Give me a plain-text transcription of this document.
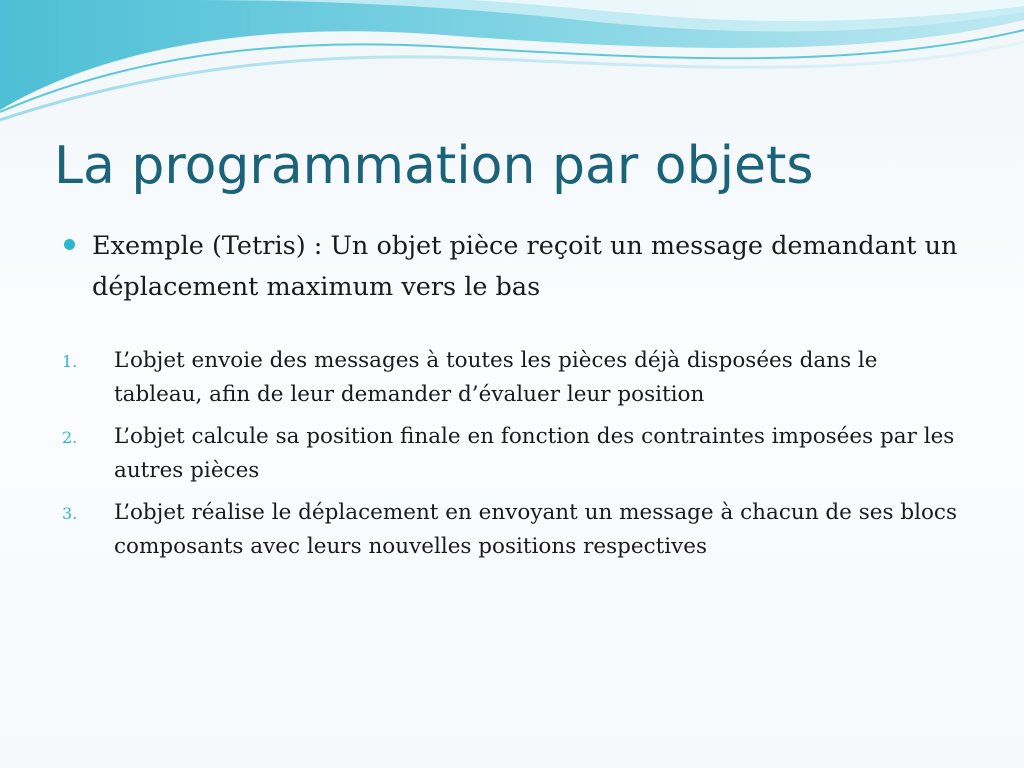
La programmation par objets
Exemple (Tetris) : Un objet pièce reçoit un message demandant un déplacement maximum vers le bas
1. L’objet envoie des messages à toutes les pièces déjà disposées dans le tableau, afin de leur demander d’évaluer leur position
2. L’objet calcule sa position finale en fonction des contraintes imposées par les autres pièces
3. L’objet réalise le déplacement en envoyant un message à chacun de ses blocs composants avec leurs nouvelles positions respectives
